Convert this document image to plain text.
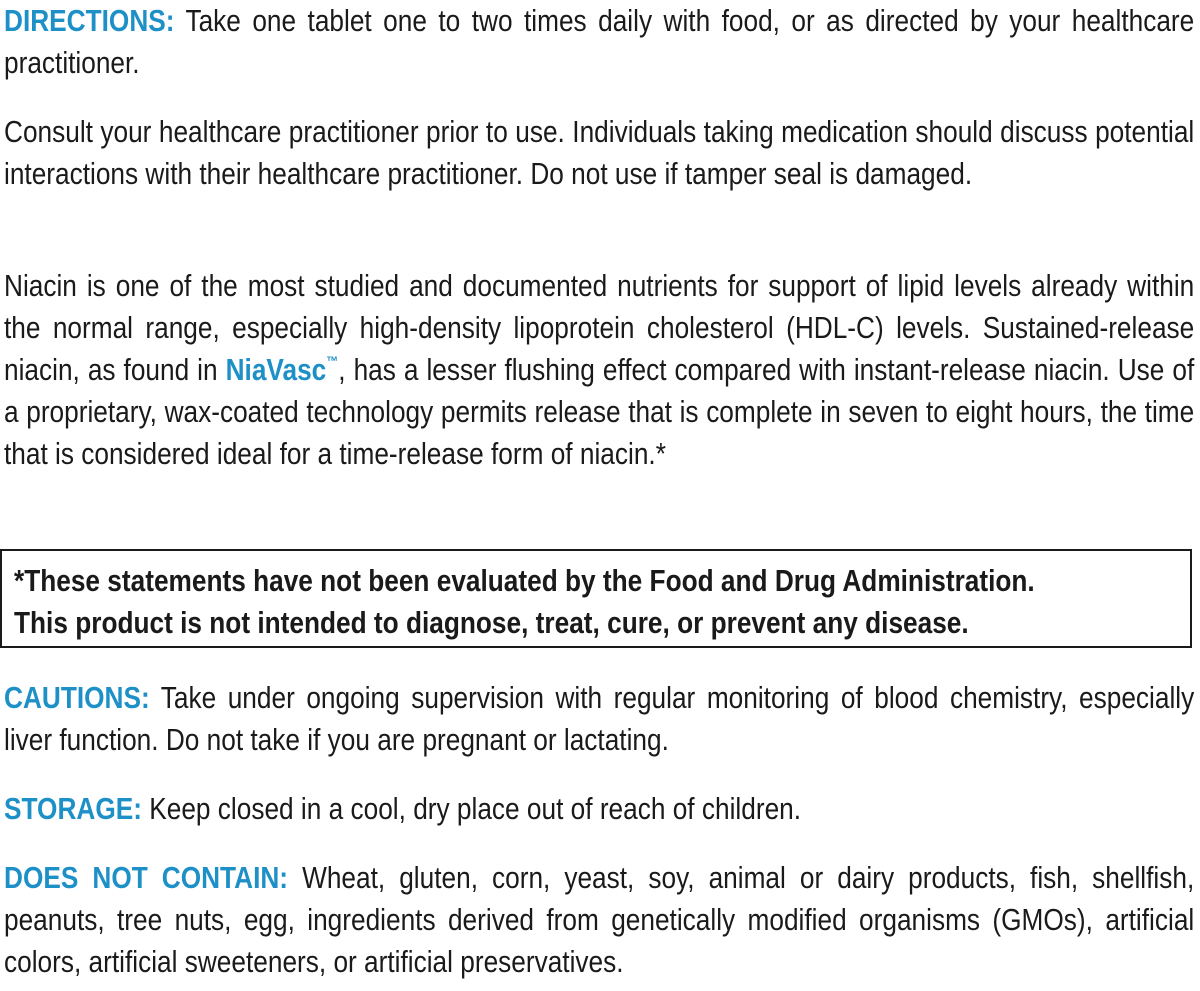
DIRECTIONS: Take one tablet one to two times daily with food, or as directed by your healthcare practitioner.

Consult your healthcare practitioner prior to use. Individuals taking medication should discuss potential interactions with their healthcare practitioner. Do not use if tamper seal is damaged.

Niacin is one of the most studied and documented nutrients for support of lipid levels already within the normal range, especially high-density lipoprotein cholesterol (HDL-C) levels. Sustained-release niacin, as found in NiaVasc™, has a lesser flushing effect compared with instant-release niacin. Use of a proprietary, wax-coated technology permits release that is complete in seven to eight hours, the time that is considered ideal for a time-release form of niacin.*

CAUTIONS: Take under ongoing supervision with regular monitoring of blood chemistry, especially liver function. Do not take if you are pregnant or lactating.

STORAGE: Keep closed in a cool, dry place out of reach of children.

DOES NOT CONTAIN: Wheat, gluten, corn, yeast, soy, animal or dairy products, fish, shellfish, peanuts, tree nuts, egg, ingredients derived from genetically modified organisms (GMOs), artificial colors, artificial sweeteners, or artificial preservatives.

*These statements have not been evaluated by the Food and Drug Administration.
This product is not intended to diagnose, treat, cure, or prevent any disease.
